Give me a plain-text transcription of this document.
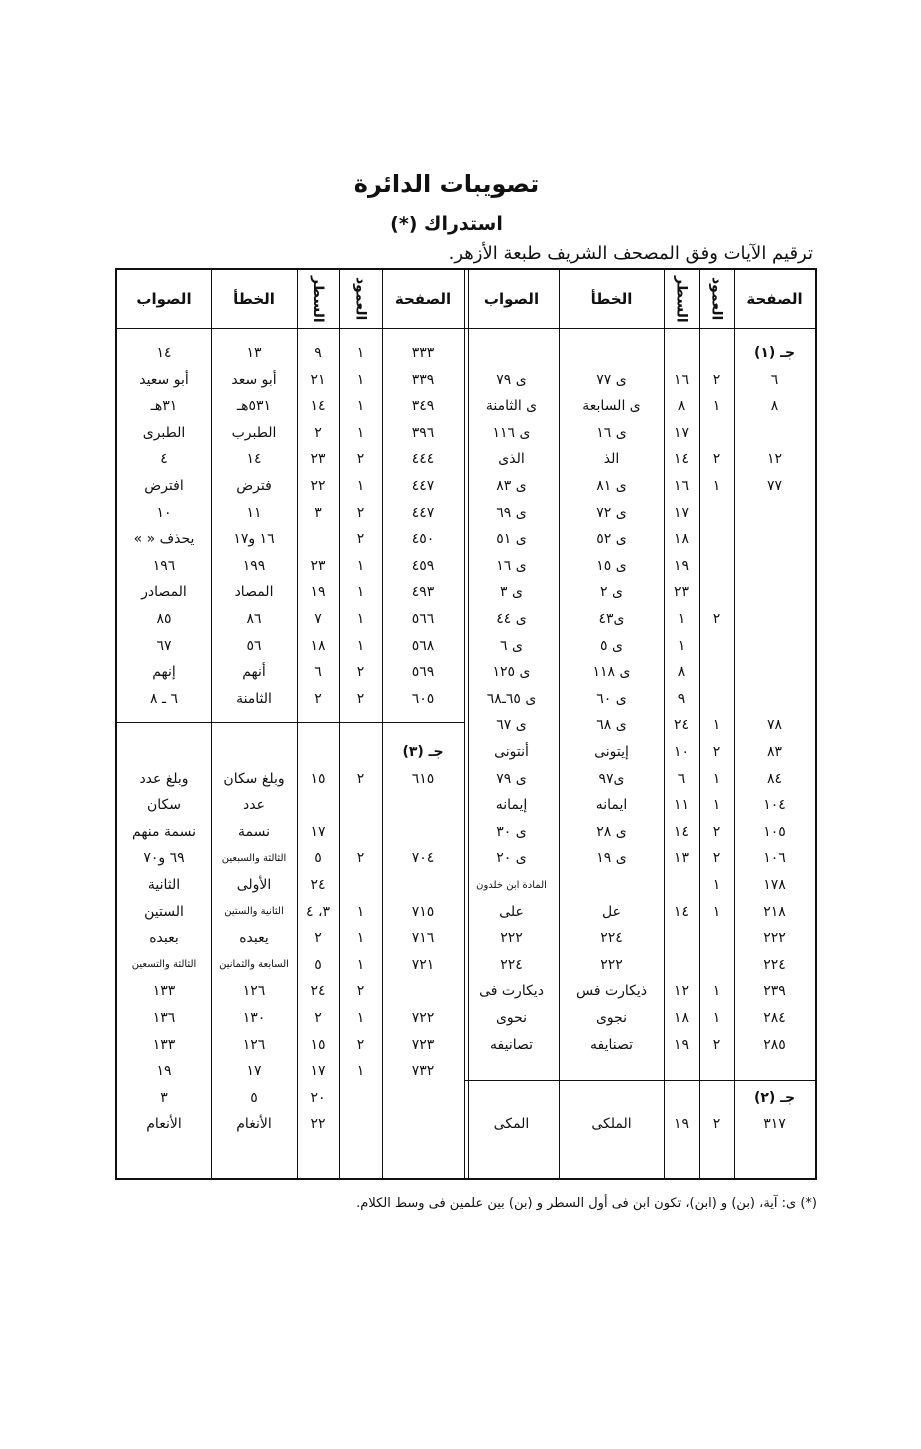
تصويبات الدائرة
استدراك (*)
ترقيم الآيات وفق المصحف الشريف طبعة الأزهر.
الصفحة
العمود
السطر
الخطأ
الصواب
جـ (١)
٦
٢
١٦
ى ٧٧
ى ٧٩
٨
١
٨
ى السابعة
ى الثامنة
١٧
ى ١٦
ى ١١٦
١٢
٢
١٤
الذ
الذى
٧٧
١
١٦
ى ٨١
ى ٨٣
١٧
ى ٧٢
ى ٦٩
١٨
ى ٥٢
ى ٥١
١٩
ى ١٥
ى ١٦
٢٣
ى ٢
ى ٣
٢
١
ى٤٣
ى ٤٤
١
ى ٥
ى ٦
٨
ى ١١٨
ى ١٢٥
٩
ى ٦٠
ى ٦٥ـ٦٨
٧٨
١
٢٤
ى ٦٨
ى ٦٧
٨٣
٢
١٠
إيتونى
أنتونى
٨٤
١
٦
ى٩٧
ى ٧٩
١٠٤
١
١١
ايمانه
إيمانه
١٠٥
٢
١٤
ى ٢٨
ى ٣٠
١٠٦
٢
١٣
ى ١٩
ى ٢٠
١٧٨
١
المادة ابن خلدون
٢١٨
١
١٤
عل
على
٢٢٢
٢٢٤
٢٢٢
٢٢٤
٢٢٢
٢٢٤
٢٣٩
١
١٢
ذيكارت فس
ديكارت فى
٢٨٤
١
١٨
نجوى
نحوى
٢٨٥
٢
١٩
تصنايفه
تصانيفه
جـ (٢)
٣١٧
٢
١٩
الملكى
المكى
الصفحة
العمود
السطر
الخطأ
الصواب
٣٣٣
١
٩
١٣
١٤
٣٣٩
١
٢١
أبو سعد
أبو سعيد
٣٤٩
١
١٤
٥٣١هـ
٣١هـ
٣٩٦
١
٢
الطبرب
الطبرى
٤٤٤
٢
٢٣
١٤
٤
٤٤٧
١
٢٢
فترض
افترض
٤٤٧
٢
٣
١١
١٠
٤٥٠
٢
١٦ و١٧
يحذف « »
٤٥٩
١
٢٣
١٩٩
١٩٦
٤٩٣
١
١٩
المصاد
المصادر
٥٦٦
١
٧
٨٦
٨٥
٥٦٨
١
١٨
٥٦
٦٧
٥٦٩
٢
٦
أنهم
إنهم
٦٠٥
٢
٢
الثامنة
٦ ـ ٨
جـ (٣)
٦١٥
٢
١٥
وبلغ سكان
وبلغ عدد
عدد
سكان
١٧
نسمة
نسمة منهم
٧٠٤
٢
٥
الثالثة والسبعين
٦٩ و٧٠
٢٤
الأولى
الثانية
٧١٥
١
٣، ٤
الثانية والستين
الستين
٧١٦
١
٢
يعبده
بعبده
٧٢١
١
٥
السابعة والثمانين
الثالثة والتسعين
٢
٢٤
١٢٦
١٣٣
٧٢٢
١
٢
١٣٠
١٣٦
٧٢٣
٢
١٥
١٢٦
١٣٣
٧٣٢
١
١٧
١٧
١٩
٢٠
٥
٣
٢٢
الأنغام
الأنعام
(*) ى: آية، (بن) و (ابن)، تكون ابن فى أول السطر و (بن) بين علمين فى وسط الكلام.
